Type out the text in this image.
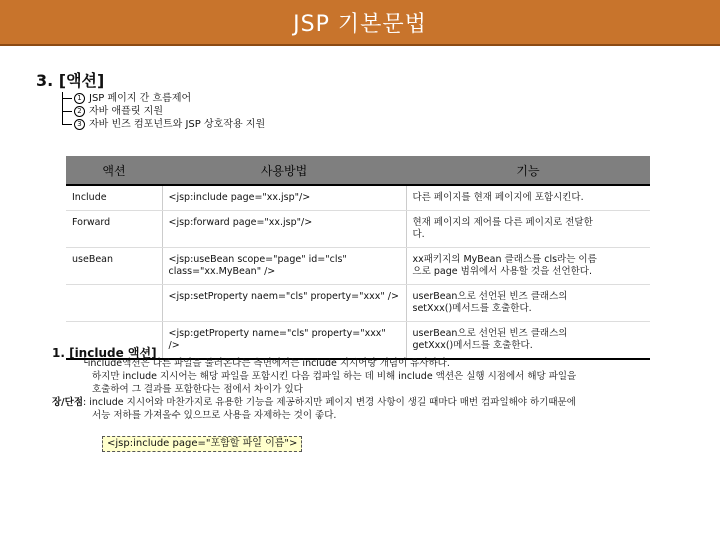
JSP 기본문법
3. [액션]
1 JSP 페이지 간 흐름제어
2 자바 애플릿 지원
3 자바 빈즈 컴포넌트와 JSP 상호작용 지원
액션	사용방법	기능
Include	<jsp:include page="xx.jsp"/>	다른 페이지를 현재 페이지에 포함시킨다.

Forward	<jsp:forward page="xx.jsp"/>	현재 페이지의 제어를 다른 페이지로 전달한
다.

useBean	<jsp:useBean scope="page" id="cls"
class="xx.MyBean" />	xx패키지의 MyBean 클래스를 cls라는 이름
으로 page 범위에서 사용할 것을 선언한다.

	<jsp:setProperty naem="cls" property="xxx" />	userBean으로 선언된 빈즈 클래스의
setXxx()메서드를 호출한다.

	<jsp:getProperty name="cls" property="xxx" />	userBean으로 선언된 빈즈 클래스의
getXxx()메서드를 호출한다.
1. [include 액션]
└include액션은 다른 파일을 불러온다는 측면에서는 include 지시어랑 개념이 유사하다.
하지만 include 지시어는 해당 파일을 포함시킨 다음 컴파일 하는 데 비해 include 액션은 실행 시점에서 해당 파일을
호출하여 그 결과를 포함한다는 점에서 차이가 있다
장/단점: include 지시어와 마찬가지로 유용한 기능을 제공하지만 페이지 변경 사항이 생길 때마다 매번 컴파일해야 하기때문에
서능 저하를 가져올수 있으므로 사용을 자제하는 것이 좋다.
<jsp:include page="포함할 파일 이름">
